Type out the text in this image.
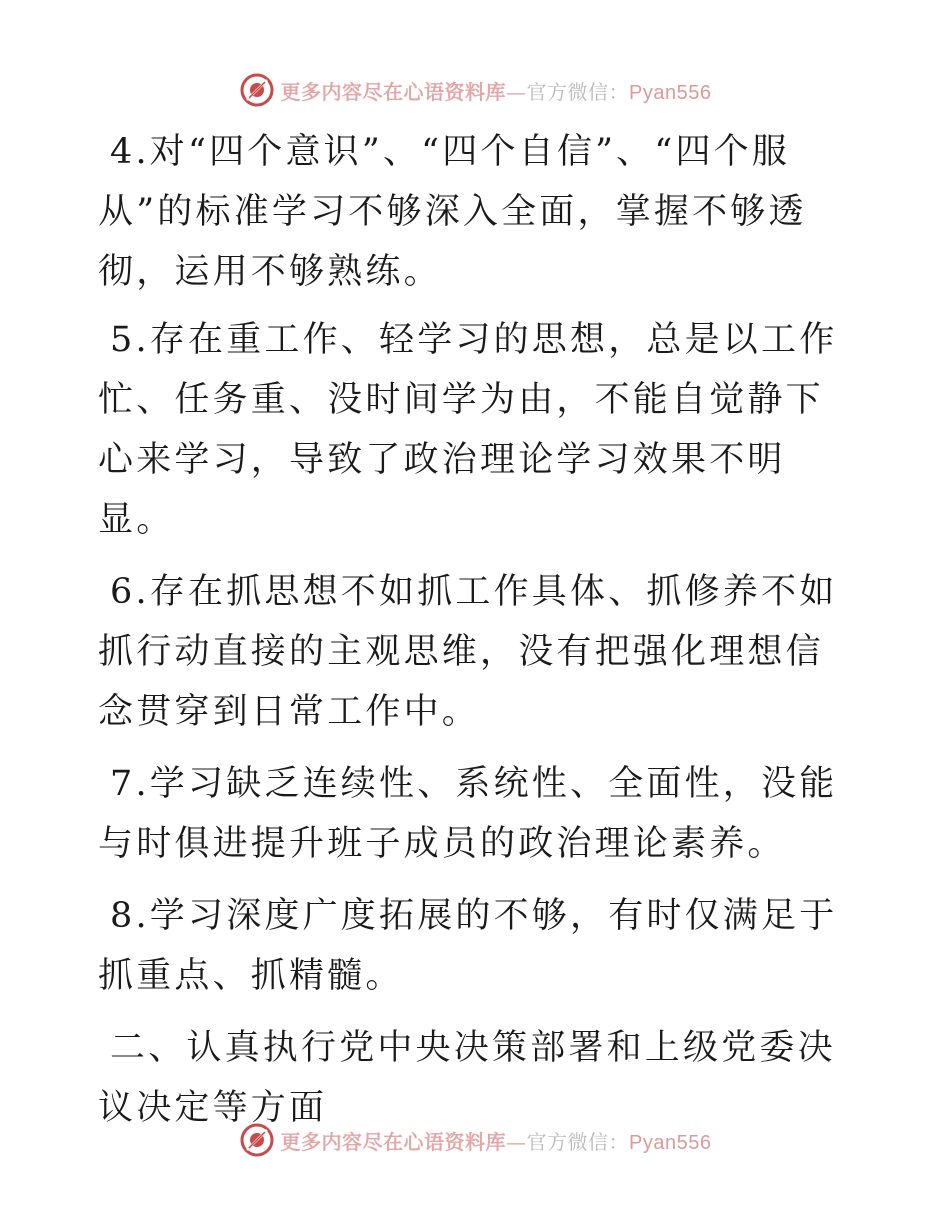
更多内容尽在心语资料库—官方微信：Pyan556

4.对“四个意识”、“四个自信”、“四个服从”的标准学习不够深入全面，掌握不够透彻，运用不够熟练。

5.存在重工作、轻学习的思想，总是以工作忙、任务重、没时间学为由，不能自觉静下心来学习，导致了政治理论学习效果不明显。

6.存在抓思想不如抓工作具体、抓修养不如抓行动直接的主观思维，没有把强化理想信念贯穿到日常工作中。

7.学习缺乏连续性、系统性、全面性，没能与时俱进提升班子成员的政治理论素养。

8.学习深度广度拓展的不够，有时仅满足于抓重点、抓精髓。

二、认真执行党中央决策部署和上级党委决议决定等方面

更多内容尽在心语资料库—官方微信：Pyan556
